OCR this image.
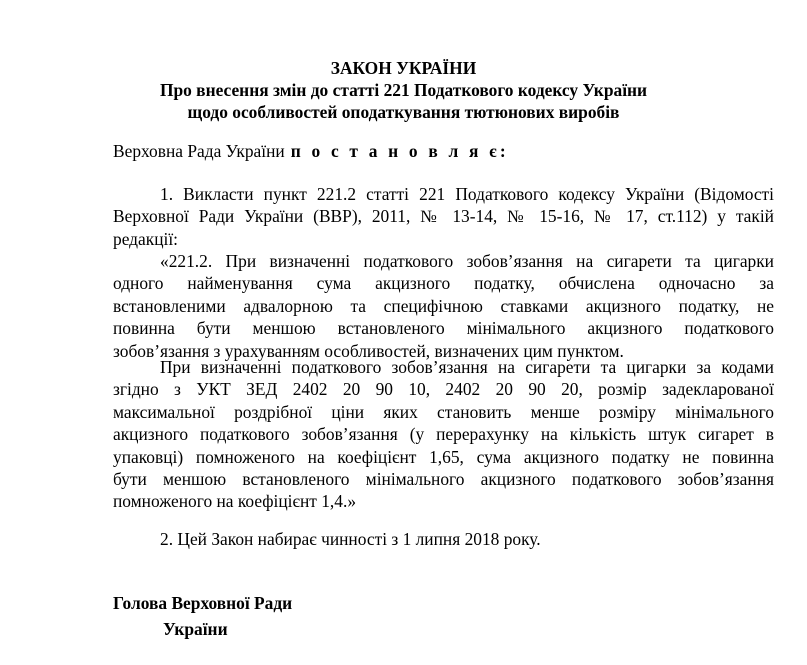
ЗАКОН УКРАЇНИ
Про внесення змін до статті 221 Податкового кодексу України
щодо особливостей оподаткування тютюнових виробів
Верховна Рада України п о с т а н о в л я є:
1. Викласти пункт 221.2 статті 221 Податкового кодексу України (Відомості
Верховної Ради України (ВВР), 2011, № 13-14, № 15-16, № 17, ст.112) у такій
редакції:
«221.2. При визначенні податкового зобов’язання на сигарети та цигарки
одного найменування сума акцизного податку, обчислена одночасно за
встановленими адвалорною та специфічною ставками акцизного податку, не
повинна бути меншою встановленого мінімального акцизного податкового
зобов’язання з урахуванням особливостей, визначених цим пунктом.
При визначенні податкового зобов’язання на сигарети та цигарки за кодами
згідно з УКТ ЗЕД 2402 20 90 10, 2402 20 90 20, розмір задекларованої
максимальної роздрібної ціни яких становить менше розміру мінімального
акцизного податкового зобов’язання (у перерахунку на кількість штук сигарет в
упаковці) помноженого на коефіцієнт 1,65, сума акцизного податку не повинна
бути меншою встановленого мінімального акцизного податкового зобов’язання
помноженого на коефіцієнт 1,4.»
2. Цей Закон набирає чинності з 1 липня 2018 року.
Голова Верховної Ради
України
